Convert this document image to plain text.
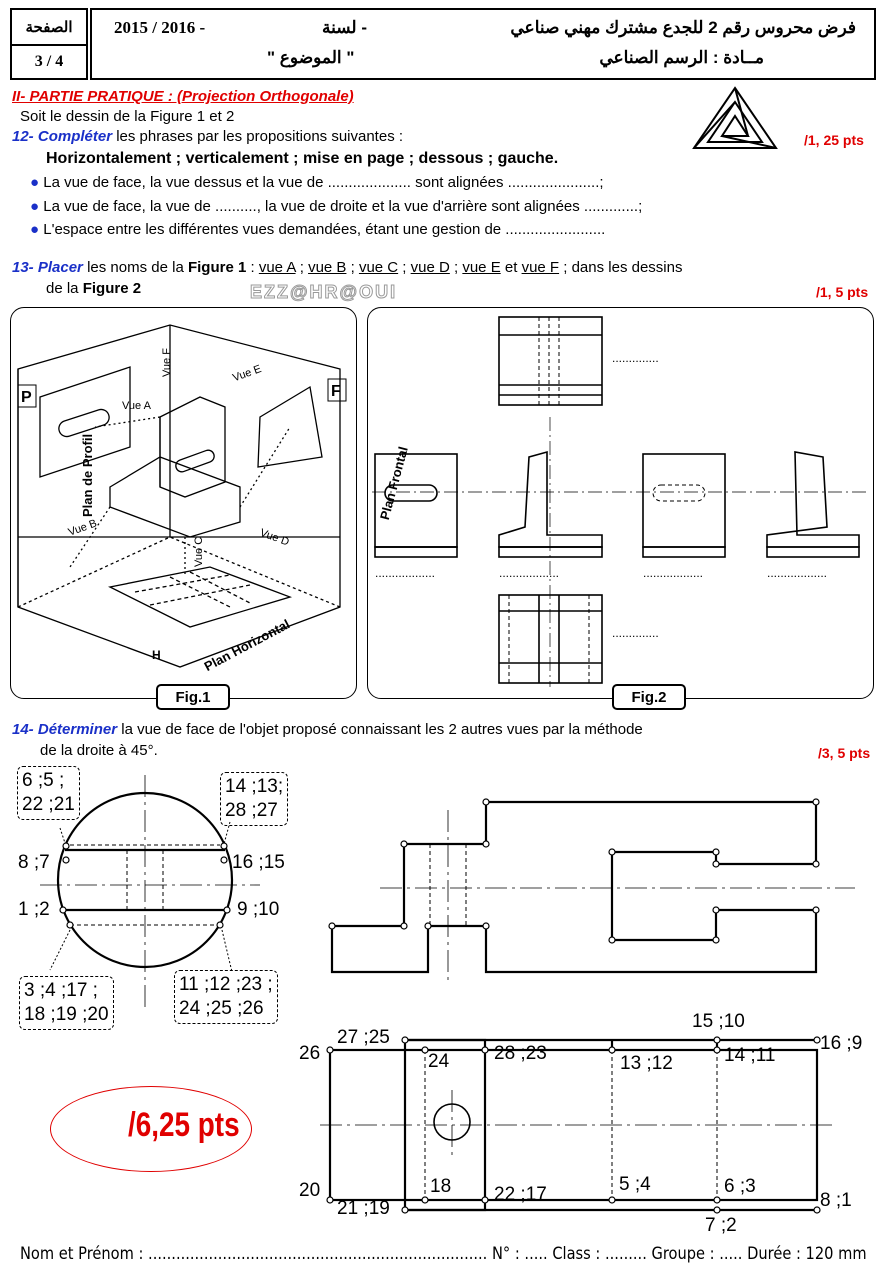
الصفحة
3 / 4
فرض محروس رقم 2 للجدع مشترك مهني صناعي
- لسنة
2015 / 2016 -
مــادة : الرسم الصناعي
" الموضوع "
II- PARTIE PRATIQUE : (Projection Orthogonale)
Soit le dessin de la Figure 1 et 2
12- Compléter les phrases par les propositions suivantes :	/1, 25 pts
Horizontalement ; verticalement ; mise en page ; dessous ; gauche.
● La vue de face, la vue dessus et la vue de .................... sont alignées ......................;
● La vue de face, la vue de .........., la vue de droite et la vue d'arrière sont alignées .............;
● L'espace entre les différentes vues demandées, étant une gestion de ........................
13- Placer les noms de la Figure 1 : vue A ; vue B ; vue C ; vue D ; vue E et vue F ; dans les dessins
de la Figure 2	EZZ@HR@OUI	/1, 5 pts
P	F
Plan de Profil	Plan Frontal
Plan Horizontal
H
Vue A
Vue B
Vue C	Vue D
Vue E
Vue F
Fig.1
..............
..................	..................	..................	..................
..............
Fig.2
14- Déterminer la vue de face de l'objet proposé connaissant les 2 autres vues par la méthode
de la droite à 45°.	/3, 5 pts
6 ;5 ;
22 ;21
14 ;13;
28 ;27
3 ;4 ;17 ;
18 ;19 ;20
11 ;12 ;23 ;
24 ;25 ;26
8 ;7
1 ;2
16 ;15
9 ;10
26
27 ;25
24 28 ;23
15 ;10
16 ;9
13 ;12	14 ;11
20
21 ;19
18 22 ;17	5 ;4	6 ;3
8 ;1
7 ;2
/6,25 pts
Nom et Prénom : ......................................................................... N° : ..... Class : ......... Groupe : ..... Durée : 120 mm
